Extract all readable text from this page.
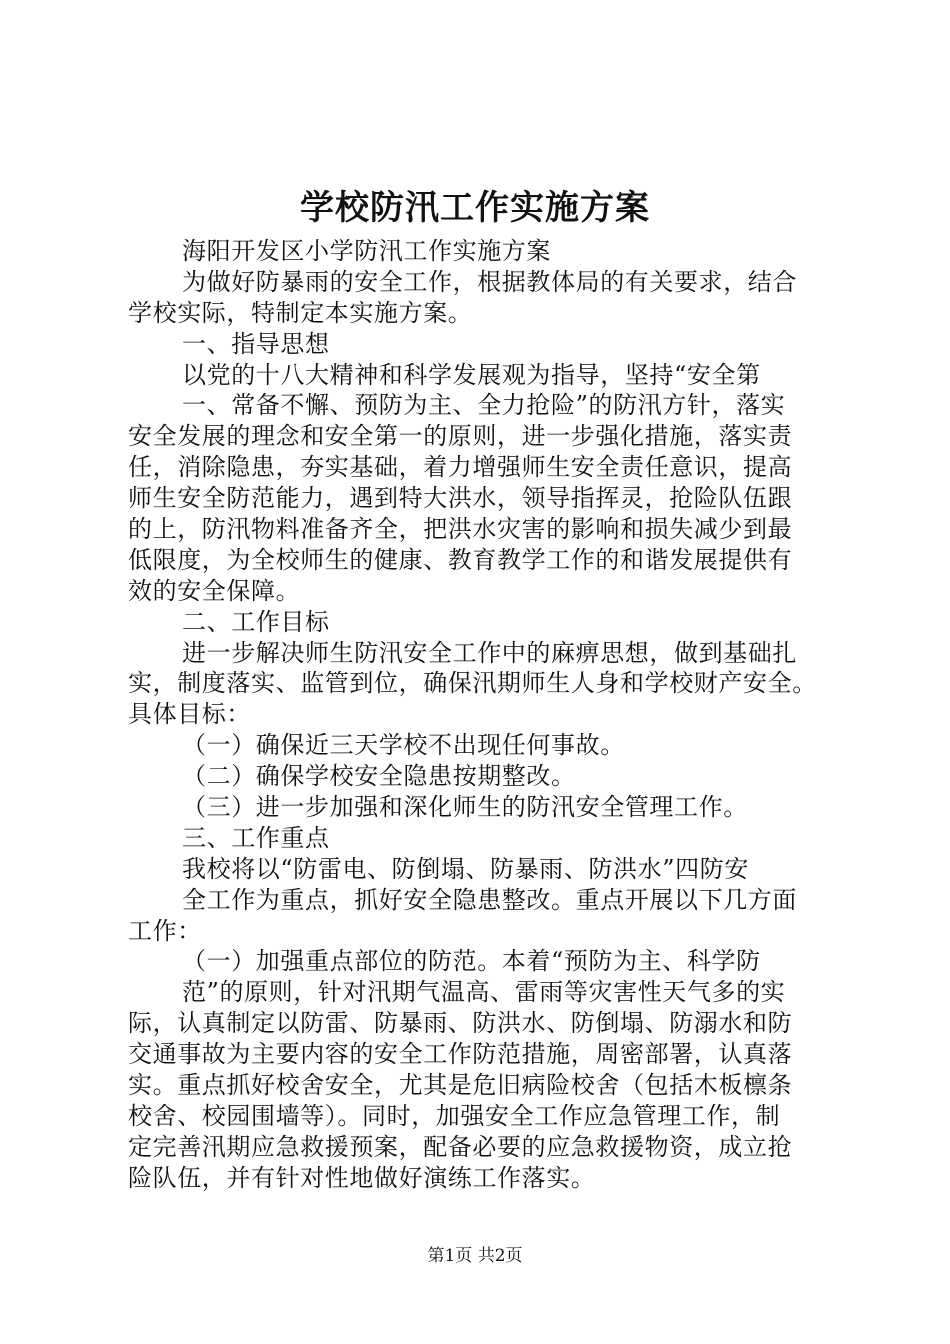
学校防汛工作实施方案
海阳开发区小学防汛工作实施方案
为做好防暴雨的安全工作，根据教体局的有关要求，结合
学校实际，特制定本实施方案。
一、指导思想
以党的十八大精神和科学发展观为指导，坚持“安全第
一、常备不懈、预防为主、全力抢险”的防汛方针，落实
安全发展的理念和安全第一的原则，进一步强化措施，落实责
任，消除隐患，夯实基础，着力增强师生安全责任意识，提高
师生安全防范能力，遇到特大洪水，领导指挥灵，抢险队伍跟
的上，防汛物料准备齐全，把洪水灾害的影响和损失减少到最
低限度，为全校师生的健康、教育教学工作的和谐发展提供有
效的安全保障。
二、工作目标
进一步解决师生防汛安全工作中的麻痹思想，做到基础扎
实，制度落实、监管到位，确保汛期师生人身和学校财产安全。
具体目标：
（一）确保近三天学校不出现任何事故。
（二）确保学校安全隐患按期整改。
（三）进一步加强和深化师生的防汛安全管理工作。
三、工作重点
我校将以“防雷电、防倒塌、防暴雨、防洪水”四防安
全工作为重点，抓好安全隐患整改。重点开展以下几方面
工作：
（一）加强重点部位的防范。本着“预防为主、科学防
范”的原则，针对汛期气温高、雷雨等灾害性天气多的实
际，认真制定以防雷、防暴雨、防洪水、防倒塌、防溺水和防
交通事故为主要内容的安全工作防范措施，周密部署，认真落
实。重点抓好校舍安全，尤其是危旧病险校舍（包括木板檩条
校舍、校园围墙等）。同时，加强安全工作应急管理工作，制
定完善汛期应急救援预案，配备必要的应急救援物资，成立抢
险队伍，并有针对性地做好演练工作落实。
第1页 共2页
